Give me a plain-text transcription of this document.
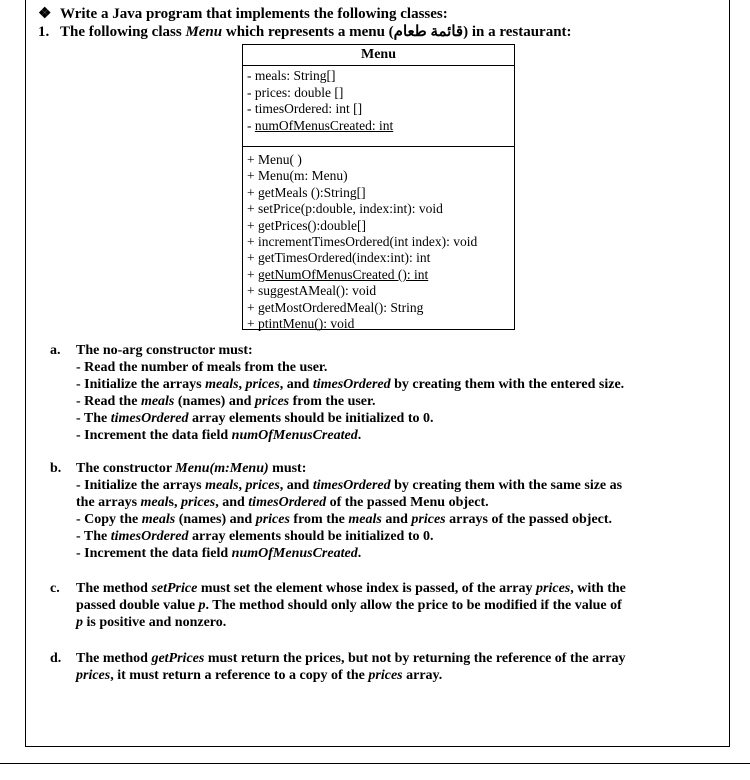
❖ Write a Java program that implements the following classes:
1. The following class Menu which represents a menu (قائمة طعام) in a restaurant:
Menu
- meals: String[]
- prices: double []
- timesOrdered: int []
- numOfMenusCreated: int
+ Menu( )
+ Menu(m: Menu)
+ getMeals ():String[]
+ setPrice(p:double, index:int): void
+ getPrices():double[]
+ incrementTimesOrdered(int index): void
+ getTimesOrdered(index:int): int
+ getNumOfMenusCreated (): int
+ suggestAMeal(): void
+ getMostOrderedMeal(): String
+ ptintMenu(): void
a.	The no-arg constructor must:
- Read the number of meals from the user.
- Initialize the arrays meals, prices, and timesOrdered by creating them with the entered size.
- Read the meals (names) and prices from the user.
- The timesOrdered array elements should be initialized to 0.
- Increment the data field numOfMenusCreated.
b.	The constructor Menu(m:Menu) must:
- Initialize the arrays meals, prices, and timesOrdered by creating them with the same size as
the arrays meals, prices, and timesOrdered of the passed Menu object.
- Copy the meals (names) and prices from the meals and prices arrays of the passed object.
- The timesOrdered array elements should be initialized to 0.
- Increment the data field numOfMenusCreated.
c.	The method setPrice must set the element whose index is passed, of the array prices, with the
passed double value p. The method should only allow the price to be modified if the value of
p is positive and nonzero.
d.	The method getPrices must return the prices, but not by returning the reference of the array
prices, it must return a reference to a copy of the prices array.
